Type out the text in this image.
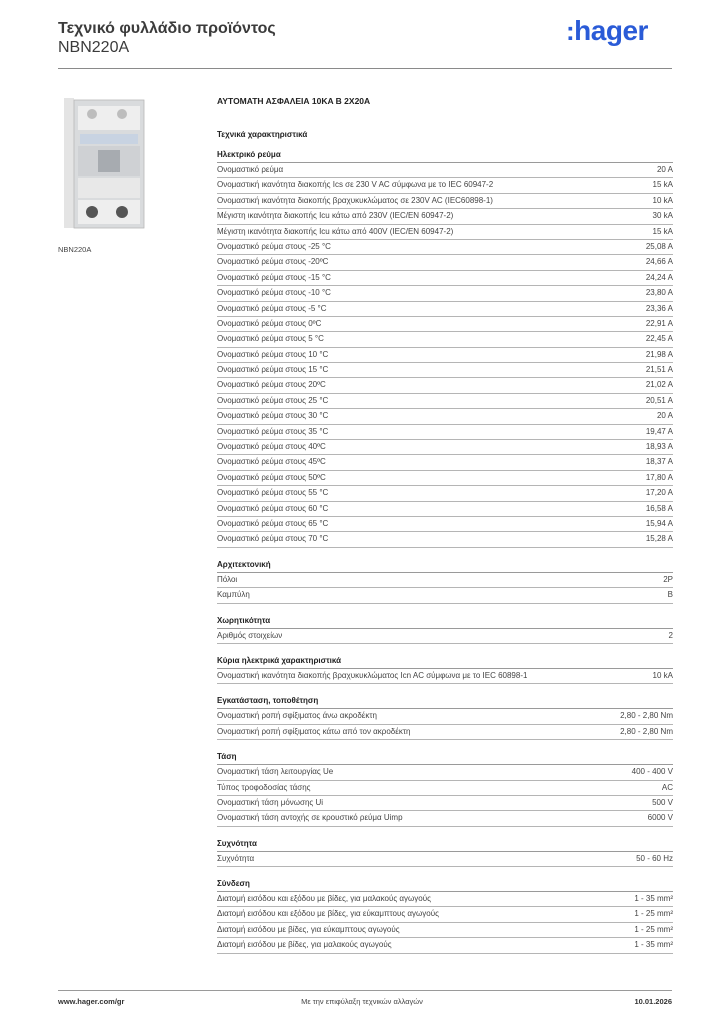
Τεχνικό φυλλάδιο προϊόντος
NBN220A
:hager
NBN220A
ΑΥΤΟΜΑΤΗ ΑΣΦΑΛΕΙΑ 10KA Β 2Χ20Α
Τεχνικά χαρακτηριστικά
Ηλεκτρικό ρεύμα
Ονομαστικό ρεύμα	20 A
Ονομαστική ικανότητα διακοπής Ics σε 230 V AC σύμφωνα με το IEC 60947-2	15 kA
Ονομαστική ικανότητα διακοπής βραχυκυκλώματος σε 230V AC (IEC60898-1)	10 kA
Μέγιστη ικανότητα διακοπής Icu κάτω από 230V (IEC/EN 60947-2)	30 kA
Μέγιστη ικανότητα διακοπής Icu κάτω από 400V (IEC/EN 60947-2)	15 kA
Ονομαστικό ρεύμα στους -25 °C	25,08 A
Ονομαστικό ρεύμα στους -20ºC	24,66 A
Ονομαστικό ρεύμα στους -15 °C	24,24 A
Ονομαστικό ρεύμα στους -10 °C	23,80 A
Ονομαστικό ρεύμα στους -5 °C	23,36 A
Ονομαστικό ρεύμα στους 0ºC	22,91 A
Ονομαστικό ρεύμα στους 5 °C	22,45 A
Ονομαστικό ρεύμα στους 10 °C	21,98 A
Ονομαστικό ρεύμα στους 15 °C	21,51 A
Ονομαστικό ρεύμα στους 20ºC	21,02 A
Ονομαστικό ρεύμα στους 25 °C	20,51 A
Ονομαστικό ρεύμα στους 30 °C	20 A
Ονομαστικό ρεύμα στους 35 °C	19,47 A
Ονομαστικό ρεύμα στους 40ºC	18,93 A
Ονομαστικό ρεύμα στους 45ºC	18,37 A
Ονομαστικό ρεύμα στους 50ºC	17,80 A
Ονομαστικό ρεύμα στους 55 °C	17,20 A
Ονομαστικό ρεύμα στους 60 °C	16,58 A
Ονομαστικό ρεύμα στους 65 °C	15,94 A
Ονομαστικό ρεύμα στους 70 °C	15,28 A
Αρχιτεκτονική
Πόλοι	2P
Καμπύλη	B
Χωρητικότητα
Αριθμός στοιχείων	2
Κύρια ηλεκτρικά χαρακτηριστικά
Ονομαστική ικανότητα διακοπής βραχυκυκλώματος Icn AC σύμφωνα με το IEC 60898-1	10 kA
Εγκατάσταση, τοποθέτηση
Ονομαστική ροπή σφίξιματος άνω ακροδέκτη	2,80 - 2,80 Nm
Ονομαστική ροπή σφίξιματος κάτω από τον ακροδέκτη	2,80 - 2,80 Nm
Τάση
Ονομαστική τάση λειτουργίας Ue	400 - 400 V
Τύπος τροφοδοσίας τάσης	AC
Ονομαστική τάση μόνωσης Ui	500 V
Ονομαστική τάση αντοχής σε κρουστικό ρεύμα Uimp	6000 V
Συχνότητα
Συχνότητα	50 - 60 Hz
Σύνδεση
Διατομή εισόδου και εξόδου με βίδες, για μαλακούς αγωγούς	1 - 35 mm²
Διατομή εισόδου και εξόδου με βίδες, για εύκαμπτους αγωγούς	1 - 25 mm²
Διατομή εισόδου με βίδες, για εύκαμπτους αγωγούς	1 - 25 mm²
Διατομή εισόδου με βίδες, για μαλακούς αγωγούς	1 - 35 mm²
www.hager.com/gr	Με την επιφύλαξη τεχνικών αλλαγών	10.01.2026
